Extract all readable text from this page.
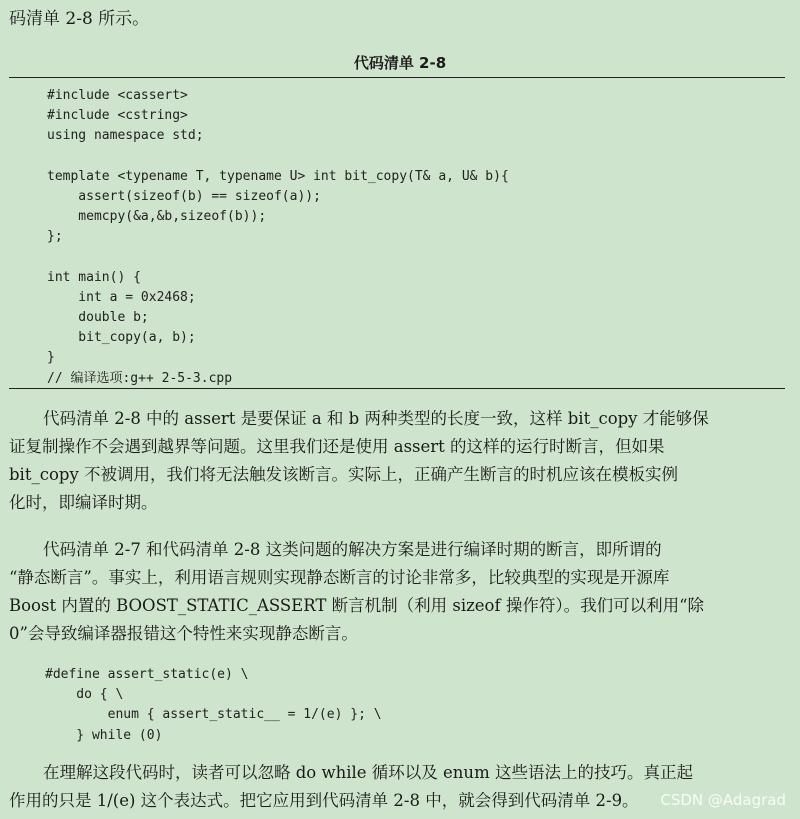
码清单 2-8 所示。
代码清单 2-8
#include <cassert>
#include <cstring>
using namespace std;
template <typename T, typename U> int bit_copy(T& a, U& b){
assert(sizeof(b) == sizeof(a));
memcpy(&a,&b,sizeof(b));
};
int main() {
int a = 0x2468;
double b;
bit_copy(a, b);
}
// 编译选项:g++ 2-5-3.cpp
代码清单 2-8 中的 assert 是要保证 a 和 b 两种类型的长度一致，这样 bit_copy 才能够保
证复制操作不会遇到越界等问题。这里我们还是使用 assert 的这样的运行时断言，但如果
bit_copy 不被调用，我们将无法触发该断言。实际上，正确产生断言的时机应该在模板实例
化时，即编译时期。
代码清单 2-7 和代码清单 2-8 这类问题的解决方案是进行编译时期的断言，即所谓的
“静态断言”。事实上，利用语言规则实现静态断言的讨论非常多，比较典型的实现是开源库
Boost 内置的 BOOST_STATIC_ASSERT 断言机制（利用 sizeof 操作符）。我们可以利用“除
0”会导致编译器报错这个特性来实现静态断言。
#define assert_static(e) \
do { \
enum { assert_static__ = 1/(e) }; \
} while (0)
在理解这段代码时，读者可以忽略 do while 循环以及 enum 这些语法上的技巧。真正起
作用的只是 1/(e) 这个表达式。把它应用到代码清单 2-8 中，就会得到代码清单 2-9。	CSDN @Adagrad
